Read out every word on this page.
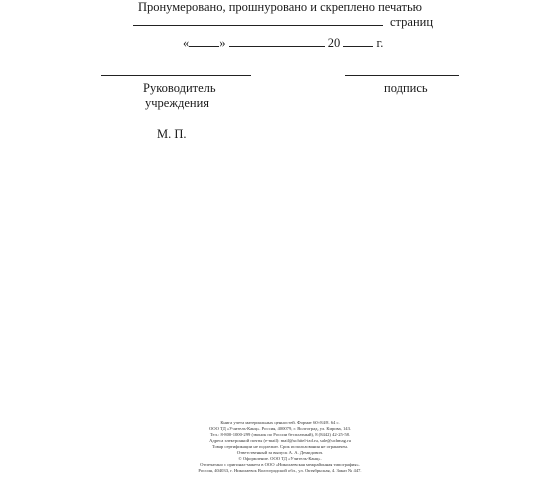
Пронумеровано, прошнуровано и скреплено печатью
страниц
« »	20	г.
Руководитель
учреждения
подпись
М. П.
Книга учета материальных ценностей. Формат 60×84/8. 64 с.
ООО ТД «Учитель-Канц». Россия, 400079, г. Волгоград, ул. Кирова, 143.
Тел.: 8-800-1000-299 (звонок по России бесплатный), 8 (8442) 42-25-58.
Адреса электронной почты (e-mail): mail@uchitel-izd.ru, sale@uchmag.ru
Товар сертификации не подлежит. Срок использования не ограничен.
Ответственный за выпуск А. А. Демидович.
© Оформление. ООО ТД «Учитель-Канц».
Отпечатано с оригинал-макета в ООО «Николаевская межрайонная типография».
Россия, 404033, г. Николаевск Волгоградской обл., ул. Октябрьская, 4. Заказ № 447.
